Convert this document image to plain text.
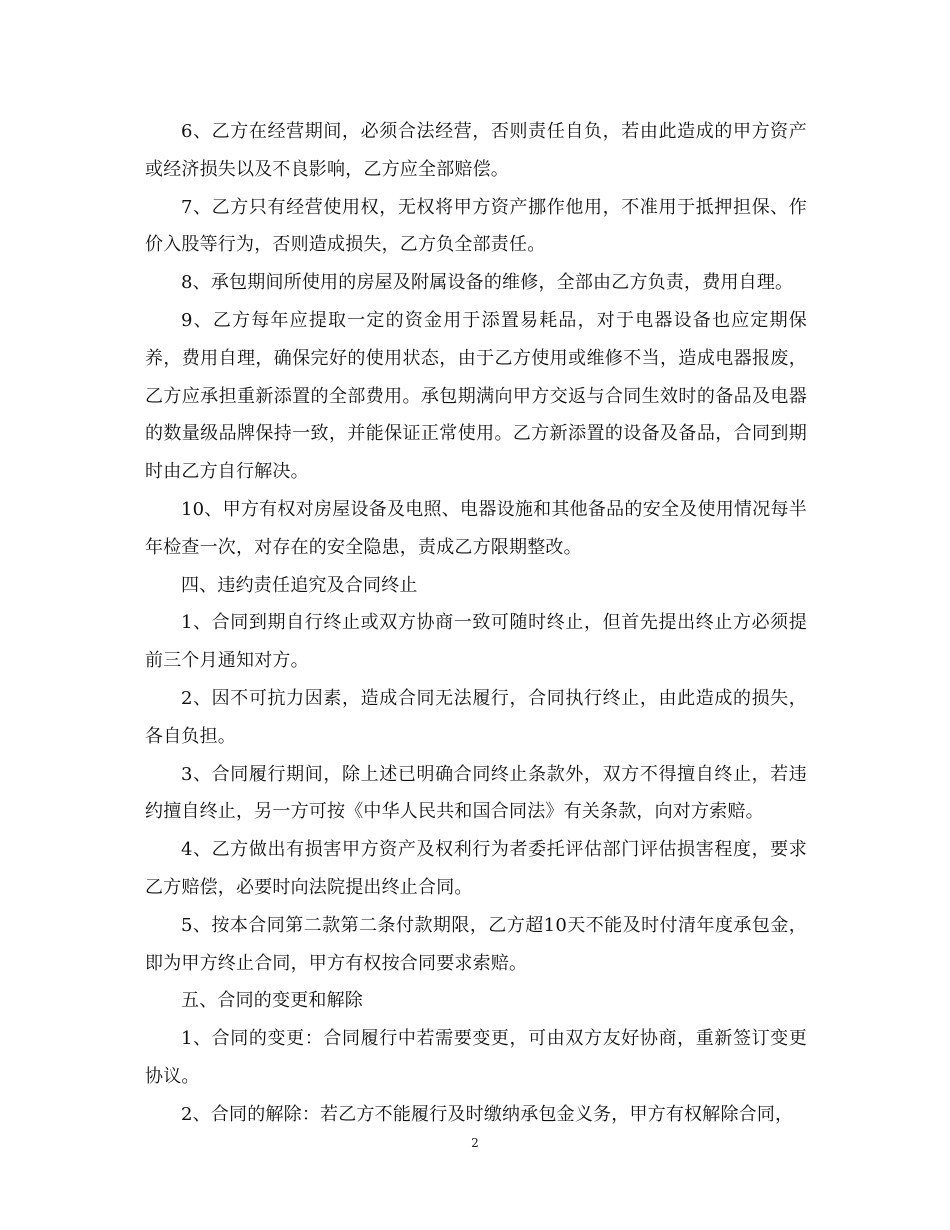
6、乙方在经营期间，必须合法经营，否则责任自负，若由此造成的甲方资产或经济损失以及不良影响，乙方应全部赔偿。

7、乙方只有经营使用权，无权将甲方资产挪作他用，不准用于抵押担保、作价入股等行为，否则造成损失，乙方负全部责任。

8、承包期间所使用的房屋及附属设备的维修，全部由乙方负责，费用自理。

9、乙方每年应提取一定的资金用于添置易耗品，对于电器设备也应定期保养，费用自理，确保完好的使用状态，由于乙方使用或维修不当，造成电器报废，乙方应承担重新添置的全部费用。承包期满向甲方交返与合同生效时的备品及电器的数量级品牌保持一致，并能保证正常使用。乙方新添置的设备及备品，合同到期时由乙方自行解决。

10、甲方有权对房屋设备及电照、电器设施和其他备品的安全及使用情况每半年检查一次，对存在的安全隐患，责成乙方限期整改。

四、违约责任追究及合同终止

1、合同到期自行终止或双方协商一致可随时终止，但首先提出终止方必须提前三个月通知对方。

2、因不可抗力因素，造成合同无法履行，合同执行终止，由此造成的损失，各自负担。

3、合同履行期间，除上述已明确合同终止条款外，双方不得擅自终止，若违约擅自终止，另一方可按《中华人民共和国合同法》有关条款，向对方索赔。

4、乙方做出有损害甲方资产及权利行为者委托评估部门评估损害程度，要求乙方赔偿，必要时向法院提出终止合同。

5、按本合同第二款第二条付款期限，乙方超10天不能及时付清年度承包金，即为甲方终止合同，甲方有权按合同要求索赔。

五、合同的变更和解除

1、合同的变更：合同履行中若需要变更，可由双方友好协商，重新签订变更协议。

2、合同的解除：若乙方不能履行及时缴纳承包金义务，甲方有权解除合同，

2
